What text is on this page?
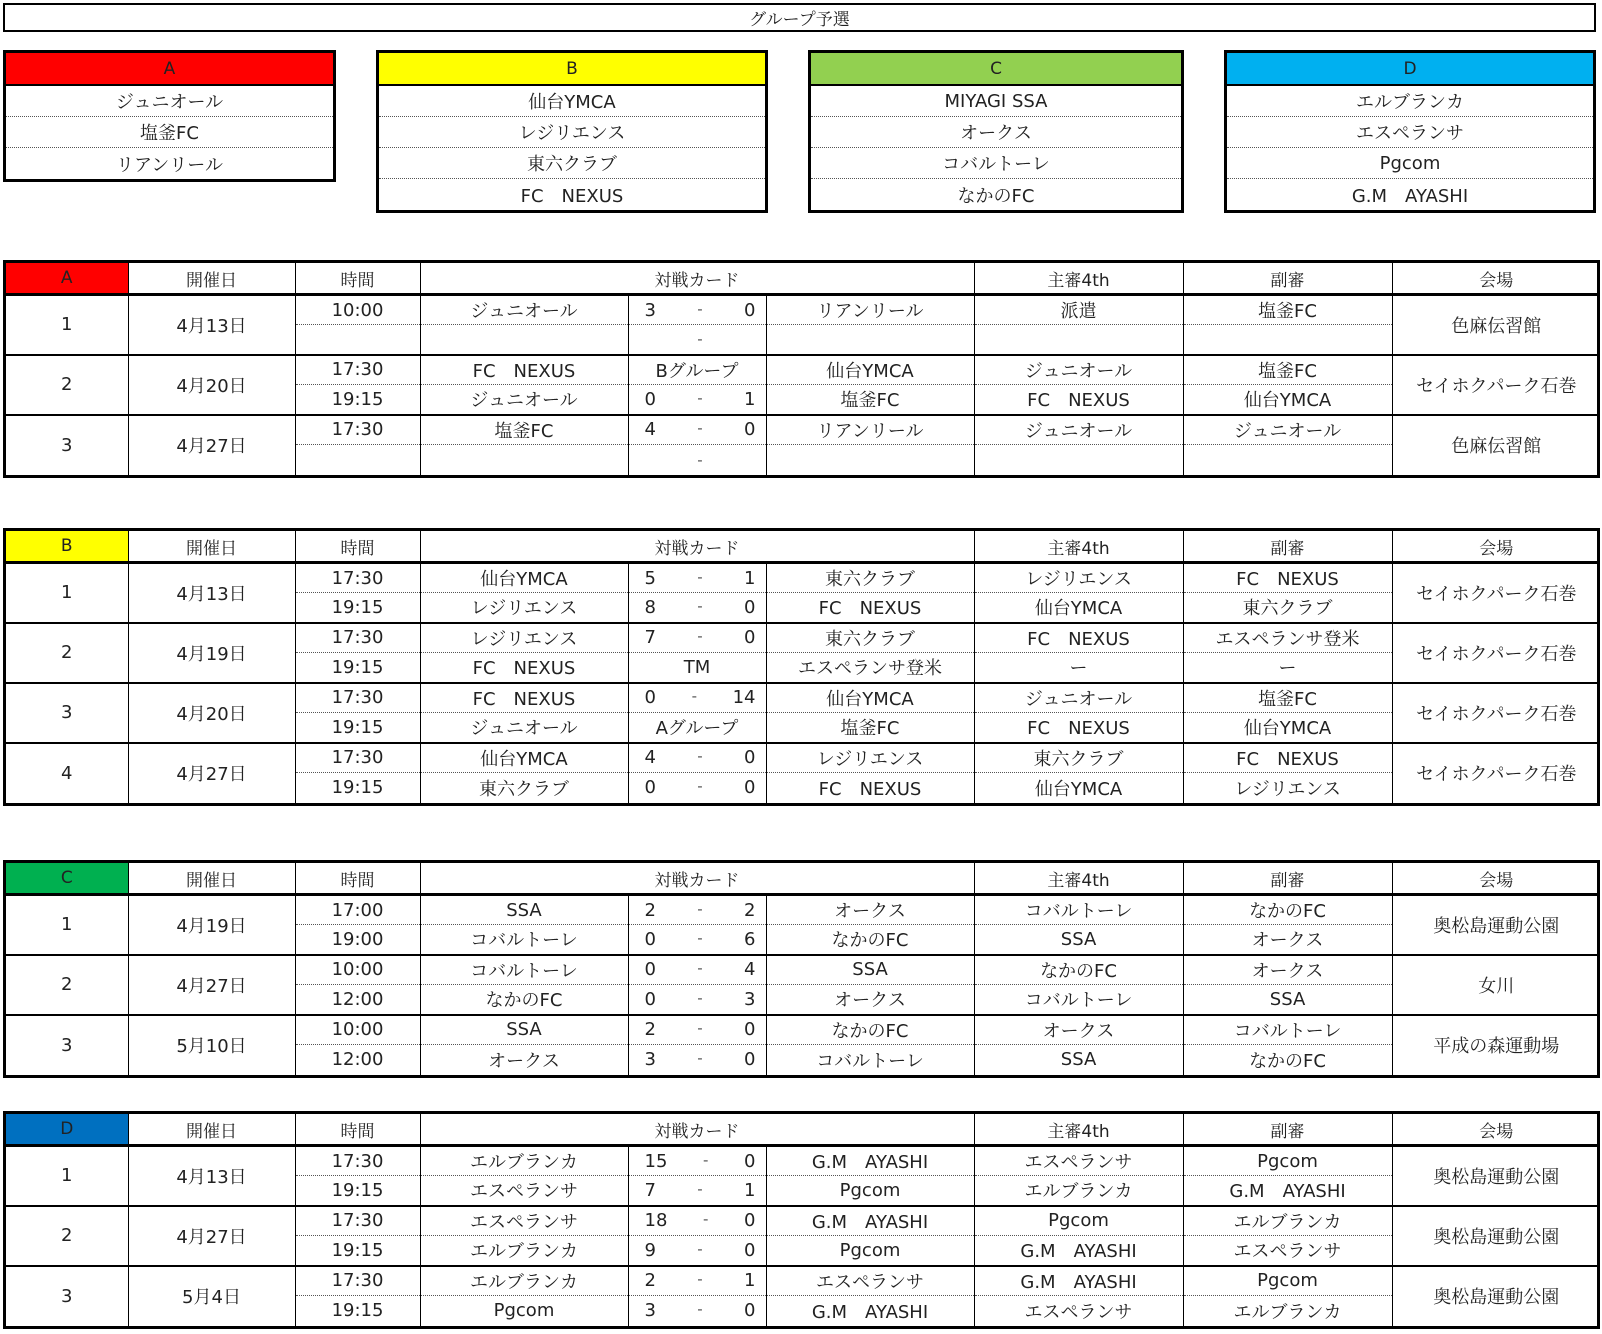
グループ予選
A
ジュニオール
塩釜FC
リアンリール
B
仙台YMCA
レジリエンス
東六クラブ
FC　NEXUS
C
MIYAGI SSA
オークス
コバルトーレ
なかのFC
D
エルブランカ
エスペランサ
Pgcom
G.M　AYASHI
A	開催日	時間	対戦カード			主審4th	副審	会場
1	4月13日	10:00	ジュニオール	3 - 0	リアンリール	派遣	塩釜FC	色麻伝習館

				-				

2	4月20日	17:30	FC　NEXUS	Bグループ	仙台YMCA	ジュニオール	塩釜FC	セイホクパーク石巻
		19:15	ジュニオール	0 - 1	塩釜FC	FC　NEXUS	仙台YMCA	
3	4月27日	17:30	塩釜FC	4 - 0	リアンリール	ジュニオール	ジュニオール	色麻伝習館

				-				

B	開催日	時間	対戦カード			主審4th	副審	会場
1	4月13日	17:30	仙台YMCA	5 - 1	東六クラブ	レジリエンス	FC　NEXUS	セイホクパーク石巻
		19:15	レジリエンス	8 - 0	FC　NEXUS	仙台YMCA	東六クラブ	
2	4月19日	17:30	レジリエンス	7 - 0	東六クラブ	FC　NEXUS	エスペランサ登米	セイホクパーク石巻
		19:15	FC　NEXUS	TM	エスペランサ登米	ー	ー	
3	4月20日	17:30	FC　NEXUS	0 - 14	仙台YMCA	ジュニオール	塩釜FC	セイホクパーク石巻
		19:15	ジュニオール	Aグループ	塩釜FC	FC　NEXUS	仙台YMCA	
4	4月27日	17:30	仙台YMCA	4 - 0	レジリエンス	東六クラブ	FC　NEXUS	セイホクパーク石巻
		19:15	東六クラブ	0 - 0	FC　NEXUS	仙台YMCA	レジリエンス	
C	開催日	時間	対戦カード			主審4th	副審	会場
1	4月19日	17:00	SSA	2 - 2	オークス	コバルトーレ	なかのFC	奥松島運動公園
		19:00	コバルトーレ	0 - 6	なかのFC	SSA	オークス	
2	4月27日	10:00	コバルトーレ	0 - 4	SSA	なかのFC	オークス	女川
		12:00	なかのFC	0 - 3	オークス	コバルトーレ	SSA	
3	5月10日	10:00	SSA	2 - 0	なかのFC	オークス	コバルトーレ	平成の森運動場
		12:00	オークス	3 - 0	コバルトーレ	SSA	なかのFC	
D	開催日	時間	対戦カード			主審4th	副審	会場
1	4月13日	17:30	エルブランカ	15 - 0	G.M　AYASHI	エスペランサ	Pgcom	奥松島運動公園
		19:15	エスペランサ	7 - 1	Pgcom	エルブランカ	G.M　AYASHI	
2	4月27日	17:30	エスペランサ	18 - 0	G.M　AYASHI	Pgcom	エルブランカ	奥松島運動公園
		19:15	エルブランカ	9 - 0	Pgcom	G.M　AYASHI	エスペランサ	
3	5月4日	17:30	エルブランカ	2 - 1	エスペランサ	G.M　AYASHI	Pgcom	奥松島運動公園
		19:15	Pgcom	3 - 0	G.M　AYASHI	エスペランサ	エルブランカ	
